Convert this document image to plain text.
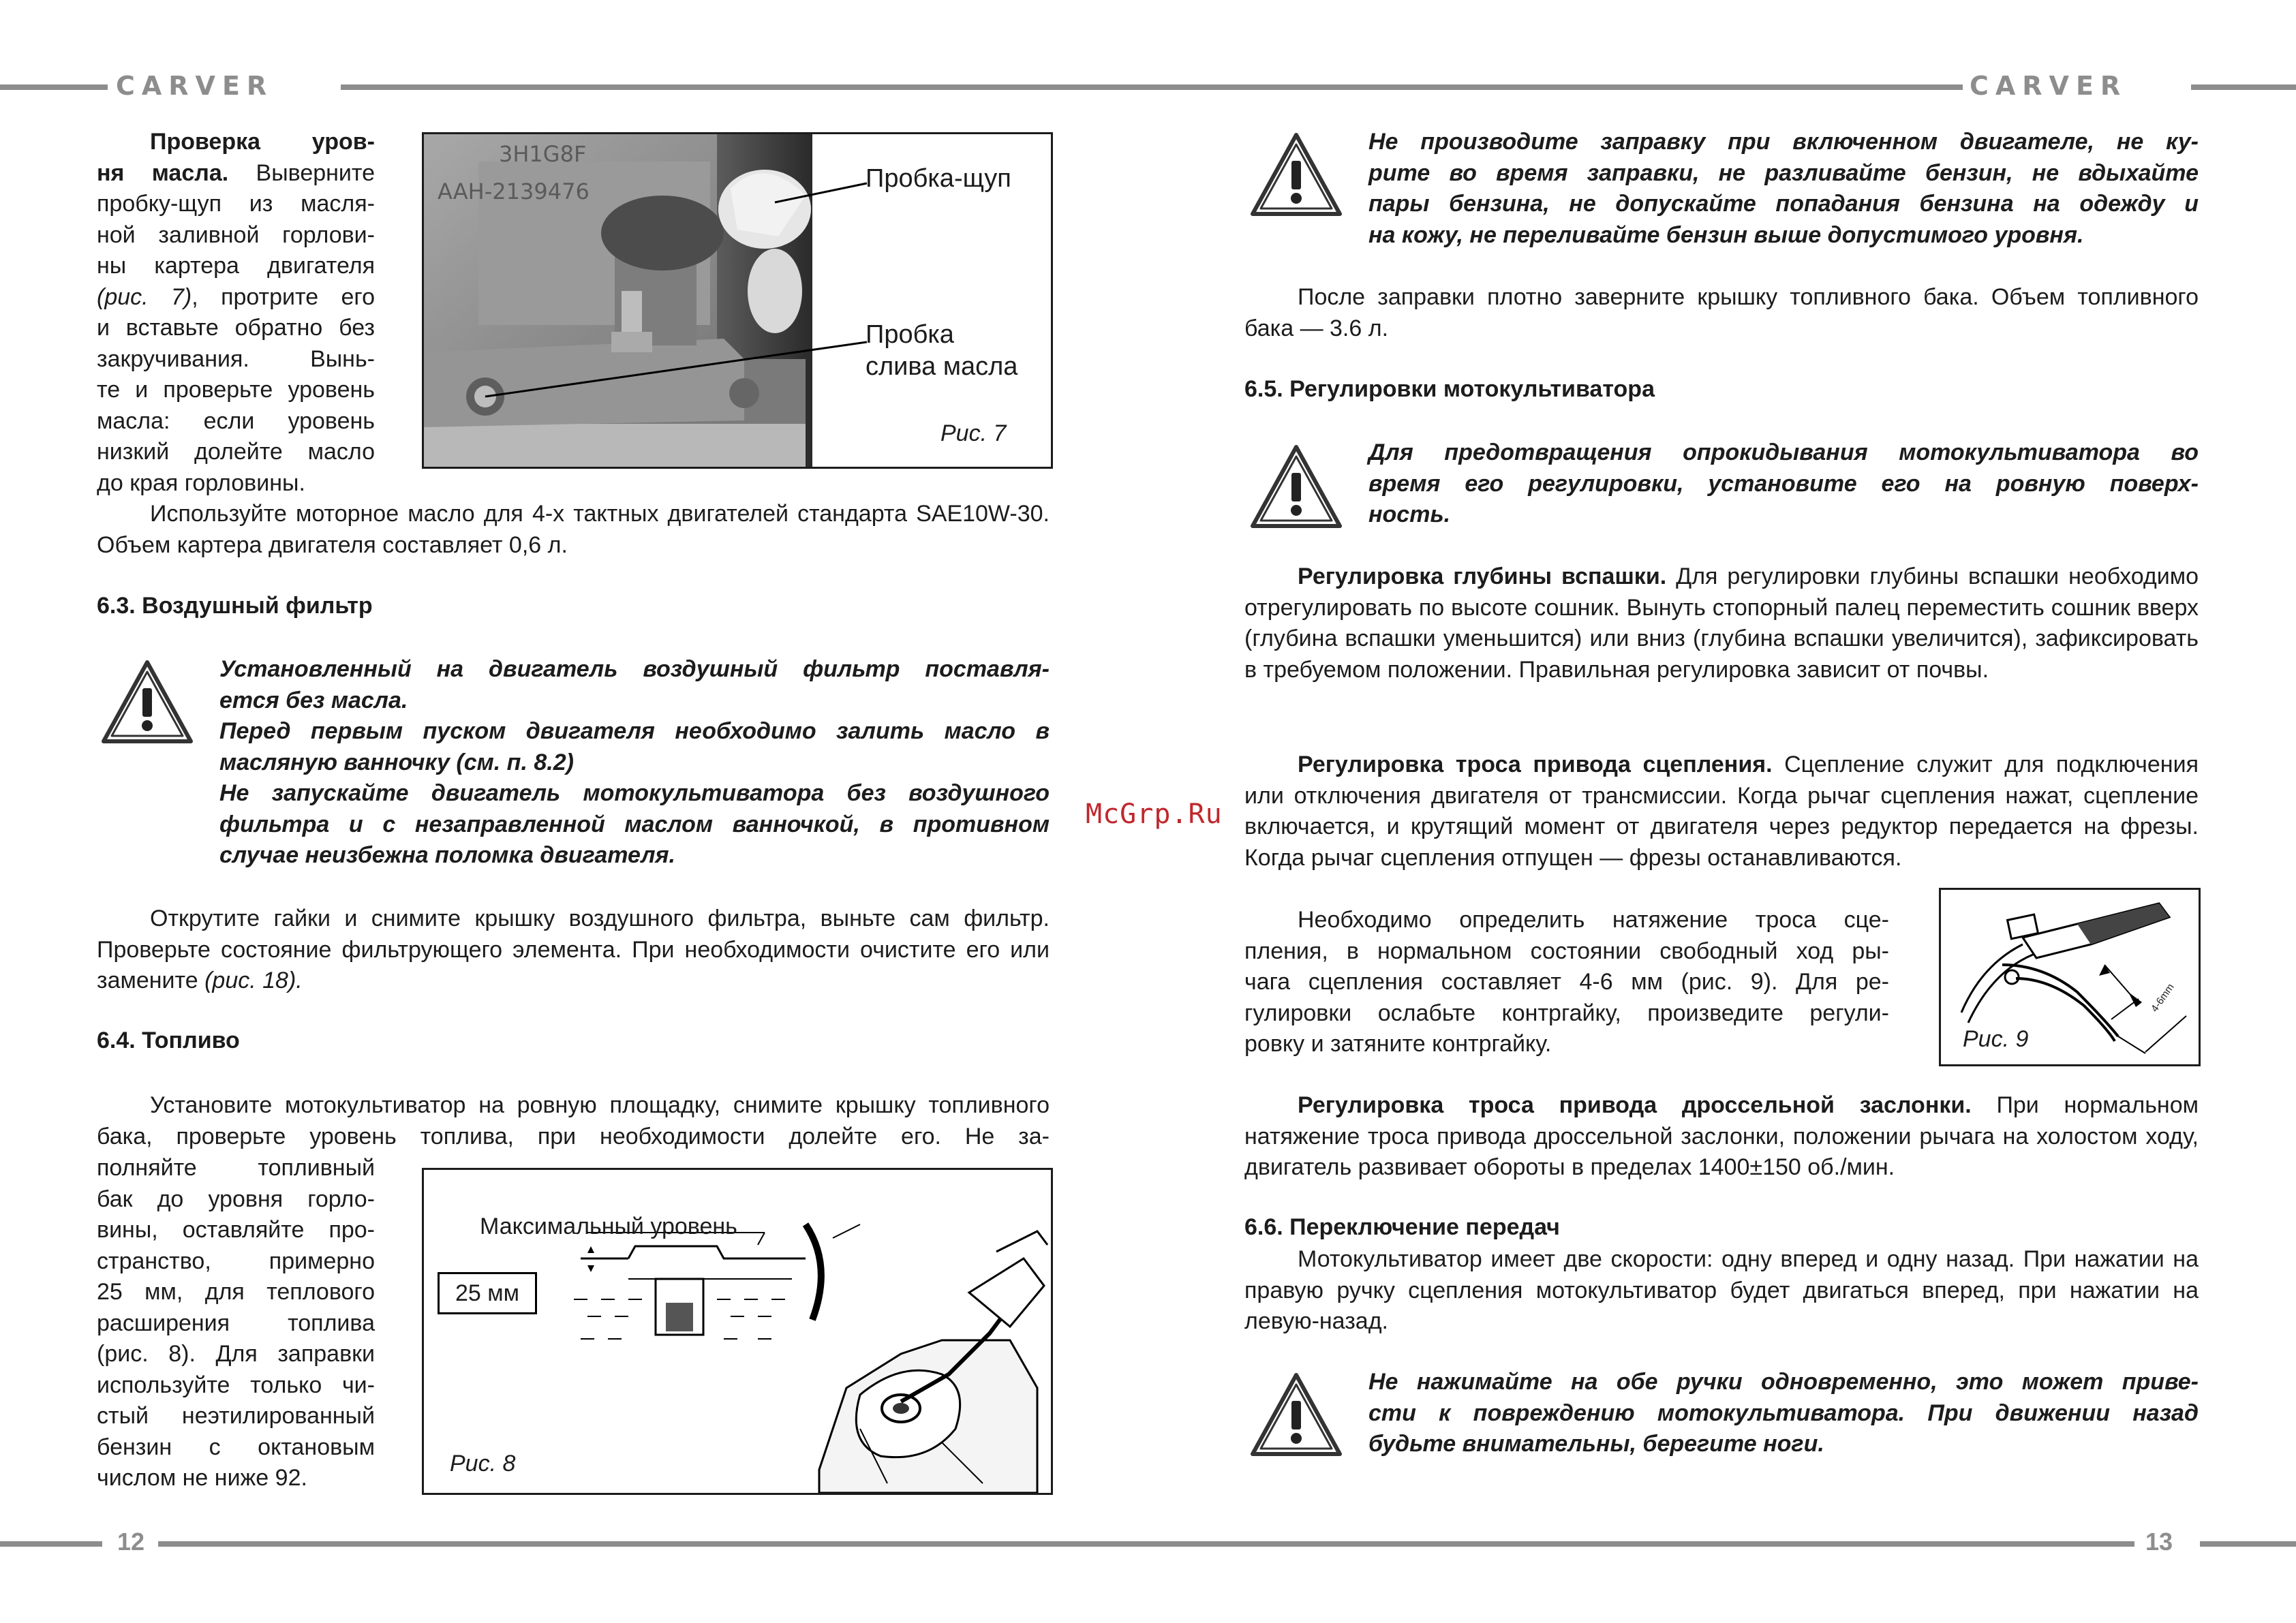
CARVER	CARVER
12	13
McGrp.Ru
Проверка уров-
ня масла. Выверните
пробку-щуп из масля-
ной заливной горлови-
ны картера двигателя
(рис. 7), протрите его
и вставьте обратно без
закручивания. Вынь-
те и проверьте уровень
масла: если уровень
низкий долейте масло
до края горловины.
3H1G8F
AAH-2139476	Пробка-щуп
Пробка
слива масла
Рис. 7
Используйте моторное масло для 4-х тактных двигателей стандарта SAE10W-30. Объем картера двигателя составляет 0,6 л.
6.3. Воздушный фильтр
Установленный на двигатель воздушный фильтр поставля-
ется без масла.
Перед первым пуском двигателя необходимо залить масло в
масляную ванночку (см. п. 8.2)
Не запускайте двигатель мотокультиватора без воздушного
фильтра и с незаправленной маслом ванночкой, в противном
случае неизбежна поломка двигателя.
Открутите гайки и снимите крышку воздушного фильтра, выньте сам фильтр. Проверьте состояние фильтрующего элемента. При необходимости очистите его или замените (рис. 18).
6.4. Топливо
Установите мотокультиватор на ровную площадку, снимите крышку топливного бака, проверьте уровень топлива, при необходимости долейте его. Не за-
полняйте топливный
бак до уровня горло-
вины, оставляйте про-
странство, примерно
25 мм, для теплового
расширения топлива
(рис. 8). Для заправки
используйте только чи-
стый неэтилированный
бензин с октановым
числом не ниже 92.
Максимальный уровень
25 мм
Рис. 8
Не производите заправку при включенном двигателе, не ку-
рите во время заправки, не разливайте бензин, не вдыхайте
пары бензина, не допускайте попадания бензина на одежду и
на кожу, не переливайте бензин выше допустимого уровня.
После заправки плотно заверните крышку топливного бака. Объем топливного бака — 3.6 л.
6.5. Регулировки мотокультиватора
Для предотвращения опрокидывания мотокультиватора во
время его регулировки, установите его на ровную поверх-
ность.
Регулировка глубины вспашки. Для регулировки глубины вспашки необходимо отрегулировать по высоте сошник. Вынуть стопорный палец переместить сошник вверх (глубина вспашки уменьшится) или вниз (глубина вспашки увеличится), зафиксировать в требуемом положении. Правильная регулировка зависит от почвы.
Регулировка троса привода сцепления. Сцепление служит для подключения или отключения двигателя от трансмиссии. Когда рычаг сцепления нажат, сцепление включается, и крутящий момент от двигателя через редуктор передается на фрезы. Когда рычаг сцепления отпущен — фрезы останавливаются.
Необходимо определить натяжение троса сце-
пления, в нормальном состоянии свободный ход ры-
чага сцепления составляет 4-6 мм (рис. 9). Для ре-
гулировки ослабьте контргайку, произведите регули-
ровку и затяните контргайку.
4-6mm
Рис. 9
Регулировка троса привода дроссельной заслонки. При нормальном натяжение троса привода дроссельной заслонки, положении рычага на холостом ходу, двигатель развивает обороты в пределах 1400±150 об./мин.
6.6. Переключение передач
Мотокультиватор имеет две скорости: одну вперед и одну назад. При нажатии на правую ручку сцепления мотокультиватор будет двигаться вперед, при нажатии на левую-назад.
Не нажимайте на обе ручки одновременно, это может приве-
сти к повреждению мотокультиватора. При движении назад
будьте внимательны, берегите ноги.
